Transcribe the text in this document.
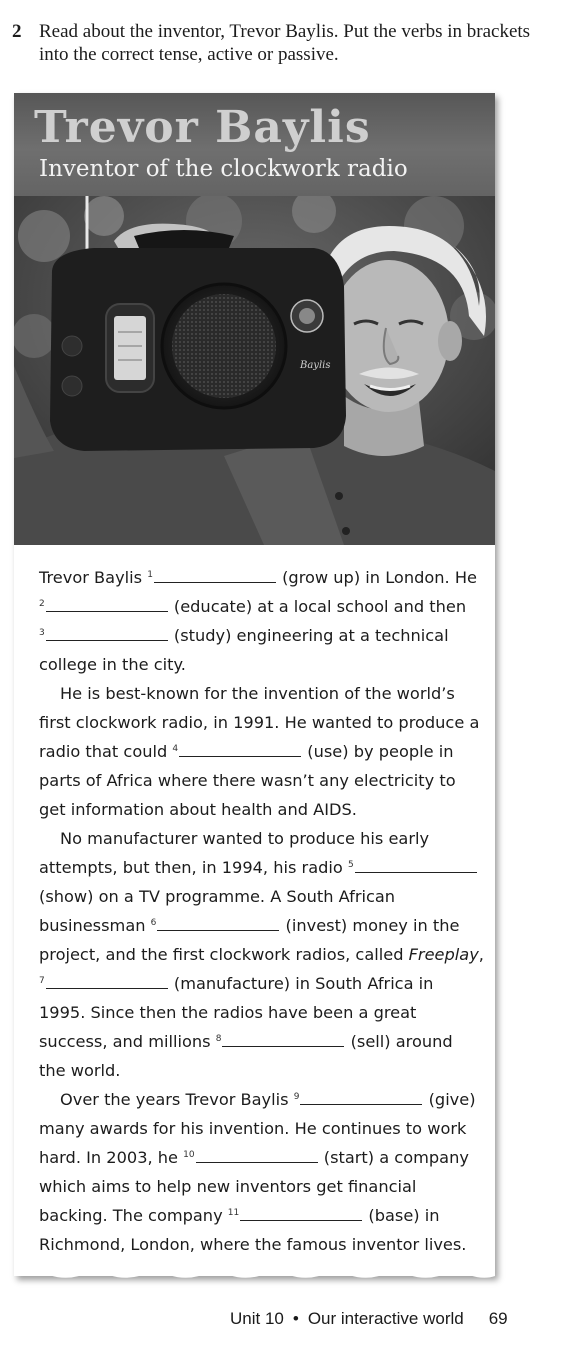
2 Read about the inventor, Trevor Baylis. Put the verbs in brackets into the correct tense, active or passive.
Trevor Baylis
Inventor of the clockwork radio
Baylis

Trevor Baylis $^1$	(grow up) in London. He $^2$	(educate) at a local school and then $^3$	(study) engineering at a technical college in the city.

He is best-known for the invention of the world’s first clockwork radio, in 1991. He wanted to produce a radio that could $^4$	(use) by people in parts of Africa where there wasn’t any electricity to get information about health and AIDS.

No manufacturer wanted to produce his early attempts, but then, in 1994, his radio $^5$ (show) on a TV programme. A South African businessman $^6$	(invest) money in the project, and the first clockwork radios, called Freeplay, $^7$	(manufacture) in South Africa in 1995. Since then the radios have been a great success, and millions $^8$	(sell) around the world.

Over the years Trevor Baylis $^9$	(give) many awards for his invention. He continues to work hard. In 2003, he $^{10}$	(start) a company which aims to help new inventors get financial backing. The company $^{11}$	(base) in Richmond, London, where the famous inventor lives.

Unit 10 • Our interactive world 69
